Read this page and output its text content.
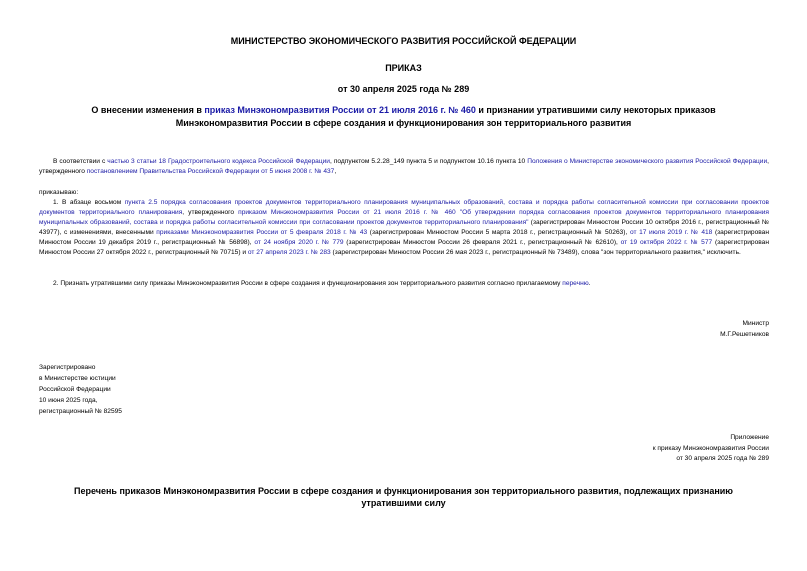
МИНИСТЕРСТВО ЭКОНОМИЧЕСКОГО РАЗВИТИЯ РОССИЙСКОЙ ФЕДЕРАЦИИ
ПРИКАЗ
от 30 апреля 2025 года № 289
О внесении изменения в приказ Минэкономразвития России от 21 июля 2016 г. № 460 и признании утратившими силу некоторых приказов Минэкономразвития России в сфере создания и функционирования зон территориального развития
В соответствии с частью 3 статьи 18 Градостроительного кодекса Российской Федерации, подпунктом 5.2.28_149 пункта 5 и подпунктом 10.16 пункта 10 Положения о Министерстве экономического развития Российской Федерации, утвержденного постановлением Правительства Российской Федерации от 5 июня 2008 г. № 437,
приказываю:
1. В абзаце восьмом пункта 2.5 порядка согласования проектов документов территориального планирования муниципальных образований, состава и порядка работы согласительной комиссии при согласовании проектов документов территориального планирования, утвержденного приказом Минэкономразвития России от 21 июля 2016 г. № 460 "Об утверждении порядка согласования проектов документов территориального планирования муниципальных образований, состава и порядка работы согласительной комиссии при согласовании проектов документов территориального планирования" (зарегистрирован Минюстом России 10 октября 2016 г., регистрационный № 43977), с изменениями, внесенными приказами Минэкономразвития России от 5 февраля 2018 г. № 43 (зарегистрирован Минюстом России 5 марта 2018 г., регистрационный № 50263), от 17 июля 2019 г. № 418 (зарегистрирован Минюстом России 19 декабря 2019 г., регистрационный № 56898), от 24 ноября 2020 г. № 779 (зарегистрирован Минюстом России 26 февраля 2021 г., регистрационный № 62610), от 19 октября 2022 г. № 577 (зарегистрирован Минюстом России 27 октября 2022 г., регистрационный № 70715) и от 27 апреля 2023 г. № 283 (зарегистрирован Минюстом России 26 мая 2023 г., регистрационный № 73489), слова "зон территориального развития," исключить.
2. Признать утратившими силу приказы Минэкономразвития России в сфере создания и функционирования зон территориального развития согласно прилагаемому перечню.
Министр
М.Г.Решетников
Зарегистрировано
в Министерстве юстиции
Российской Федерации
10 июня 2025 года,
регистрационный № 82595
Приложение
к приказу Минэкономразвития России
от 30 апреля 2025 года № 289
Перечень приказов Минэкономразвития России в сфере создания и функционирования зон территориального развития, подлежащих признанию утратившими силу
